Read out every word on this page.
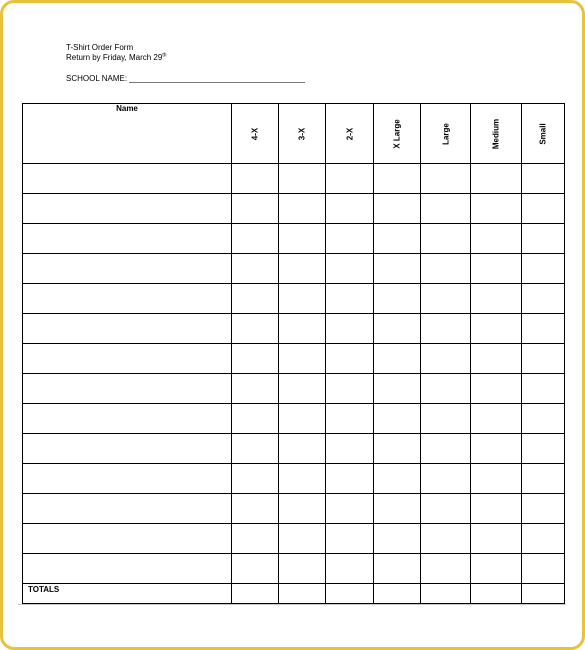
T-Shirt Order Form
Return by Friday, March 29th
SCHOOL NAME:
Name	4-X	3-X	2-X	X Large	Large	Medium	Small

TOTALS							
